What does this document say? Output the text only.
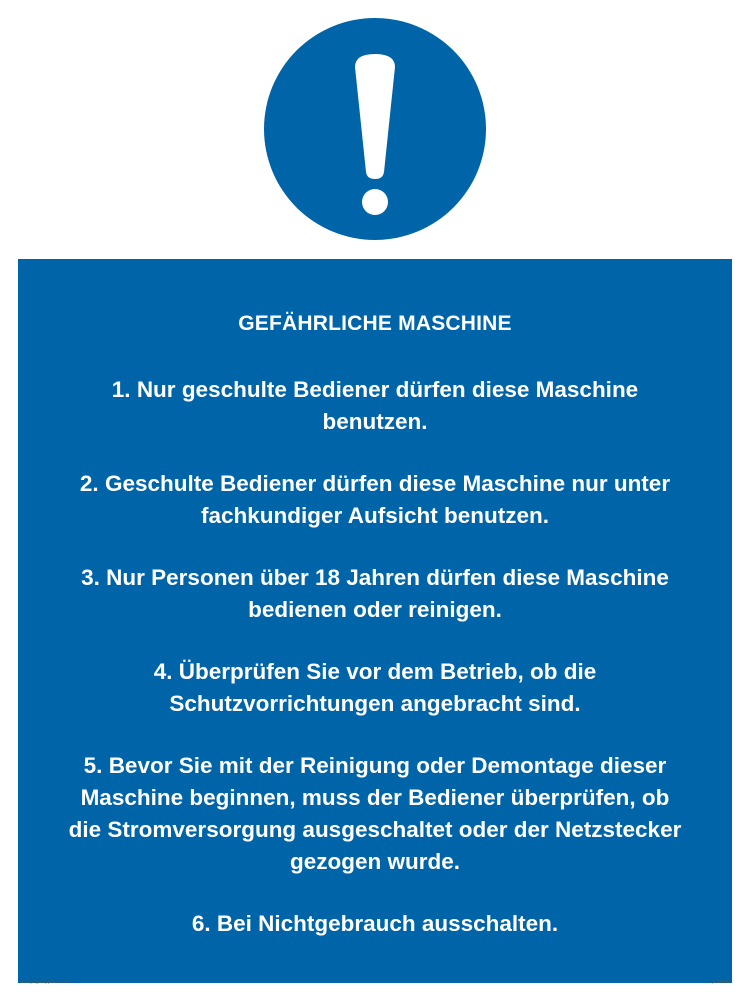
GEFÄHRLICHE MASCHINE
1. Nur geschulte Bediener dürfen diese Maschine benutzen.
2. Geschulte Bediener dürfen diese Maschine nur unter fachkundiger Aufsicht benutzen.
3. Nur Personen über 18 Jahren dürfen diese Maschine bedienen oder reinigen.
4. Überprüfen Sie vor dem Betrieb, ob die Schutzvorrichtungen angebracht sind.
5. Bevor Sie mit der Reinigung oder Demontage dieser Maschine beginnen, muss der Bediener überprüfen, ob die Stromversorgung ausgeschaltet oder der Netzstecker gezogen wurde.
6. Bei Nichtgebrauch ausschalten.
safetysignsupplies.co.uk	pn00021
